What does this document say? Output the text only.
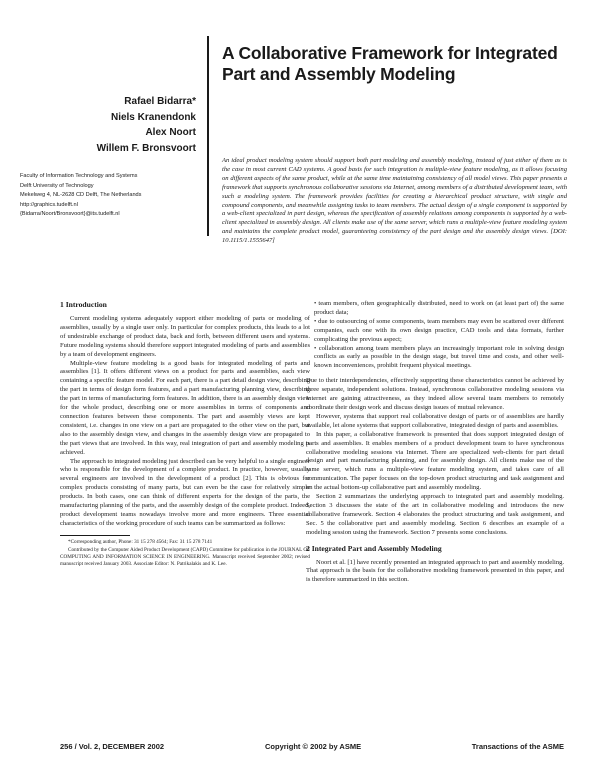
A Collaborative Framework for Integrated Part and Assembly Modeling
Rafael Bidarra*
Niels Kranendonk
Alex Noort
Willem F. Bronsvoort
Faculty of Information Technology and Systems
Delft University of Technology
Mekelweg 4, NL-2628 CD Delft, The Netherlands
http://graphics.tudelft.nl
{Bidarra/Noort/Bronsvoort}@its.tudelft.nl
An ideal product modeling system should support both part modeling and assembly modeling, instead of just either of them as is the case in most current CAD systems. A good basis for such integration is multiple-view feature modeling, as it allows focusing on different aspects of the same product, while at the same time maintaining consistency of all model views. This paper presents a framework that supports synchronous collaborative sessions via Internet, among members of a distributed development team, with such a modeling system. The framework provides facilities for creating a hierarchical product structure, with single and compound components, and meanwhile assigning tasks to team members. The actual design of a single component is supported by a web-client specialized in part design, whereas the specification of assembly relations among components is supported by a web-client specialized in assembly design. All clients make use of the same server, which runs a multiple-view feature modeling system and maintains the complete product model, guaranteeing consistency of the part design and the assembly design views. [DOI: 10.1115/1.1555647]
1 Introduction

Current modeling systems adequately support either modeling of parts or modeling of assemblies, usually by a single user only. In particular for complex products, this leads to a lot of undesirable exchange of product data, back and forth, between different users and systems. Future modeling systems should therefore support integrated modeling of parts and assemblies by a team of development engineers.

Multiple-view feature modeling is a good basis for integrated modeling of parts and assemblies [1]. It offers different views on a product for parts and assemblies, each view containing a specific feature model. For each part, there is a part detail design view, describing the part in terms of design form features, and a part manufacturing planning view, describing the part in terms of manufacturing form features. In addition, there is an assembly design view for the whole product, describing one or more assemblies in terms of components and connection features between these components. The part and assembly views are kept consistent, i.e. changes in one view on a part are propagated to the other view on the part, but also to the assembly design view, and changes in the assembly design view are propagated to the part views that are involved. In this way, real integration of part and assembly modeling is achieved.

The approach to integrated modeling just described can be very helpful to a single engineer who is responsible for the development of a complete product. In practice, however, usually several engineers are involved in the development of a product [2]. This is obvious for complex products consisting of many parts, but can even be the case for relatively simple products. In both cases, one can think of different experts for the design of the parts, the manufacturing planning of the parts, and the assembly design of the complete product. Indeed, product development teams nowadays involve more and more engineers. Three essential characteristics of the working procedure of such teams can be summarized as follows:

*Corresponding author, Phone: 31 15 278 4564; Fax: 31 15 278 7141

Contributed by the Computer Aided Product Development (CAPD) Committee for publication in the JOURNAL OF COMPUTING AND INFORMATION SCIENCE IN ENGINEERING. Manuscript received September 2002; revised manuscript received January 2003. Associate Editor: N. Patrikalakis and K. Lee.

• team members, often geographically distributed, need to work on (at least part of) the same product data;

• due to outsourcing of some components, team members may even be scattered over different companies, each one with its own design practice, CAD tools and data formats, further complicating the previous aspect;

• collaboration among team members plays an increasingly important role in solving design conflicts as early as possible in the design stage, but travel time and costs, and other well-known inconveniences, prohibit frequent physical meetings.

Due to their interdependencies, effectively supporting these characteristics cannot be achieved by three separate, independent solutions. Instead, synchronous collaborative modeling sessions via Internet are gaining attractiveness, as they indeed allow several team members to remotely coordinate their design work and discuss design issues of mutual relevance.

However, systems that support real collaborative design of parts or of assemblies are hardly available, let alone systems that support collaborative, integrated design of parts and assemblies.

In this paper, a collaborative framework is presented that does support integrated design of parts and assemblies. It enables members of a product development team to have synchronous collaborative modeling sessions via Internet. There are specialized web-clients for part detail design and part manufacturing planning, and for assembly design. All clients make use of the same server, which runs a multiple-view feature modeling system, and takes care of all communication. The paper focuses on the top-down product structuring and task assignment and on the actual bottom-up collaborative part and assembly modeling.

Section 2 summarizes the underlying approach to integrated part and assembly modeling. Section 3 discusses the state of the art in collaborative modeling and introduces the new collaborative framework. Section 4 elaborates the product structuring and task assignment, and Sec. 5 the collaborative part and assembly modeling. Section 6 describes an example of a modeling session using the framework. Section 7 presents some conclusions.

2 Integrated Part and Assembly Modeling

Noort et al. [1] have recently presented an integrated approach to part and assembly modeling. That approach is the basis for the collaborative modeling framework presented in this paper, and is therefore summarized in this section.

256 / Vol. 2, DECEMBER 2002	Copyright © 2002 by ASME	Transactions of the ASME
